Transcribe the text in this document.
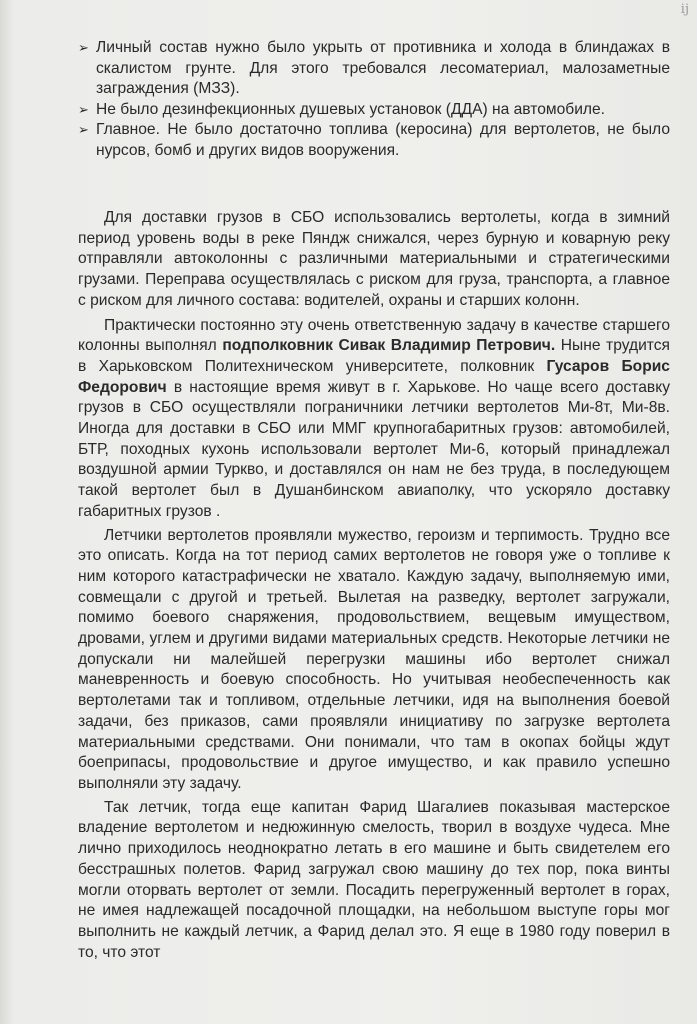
ij
➢ Личный состав нужно было укрыть от противника и холода в блиндажах в скалистом грунте. Для этого требовался лесоматериал, малозаметные заграждения (МЗЗ).
➢ Не было дезинфекционных душевых установок (ДДА) на автомобиле.
➢ Главное. Не было достаточно топлива (керосина) для вертолетов, не было нурсов, бомб и других видов вооружения.

Для доставки грузов в СБО использовались вертолеты, когда в зимний период уровень воды в реке Пяндж снижался, через бурную и коварную реку отправляли автоколонны с различными материальными и стратегическими грузами. Переправа осуществлялась с риском для груза, транспорта, а главное с риском для личного состава: водителей, охраны и старших колонн.

Практически постоянно эту очень ответственную задачу в качестве старшего колонны выполнял подполковник Сивак Владимир Петрович. Ныне трудится в Харьковском Политехническом университете, полковник Гусаров Борис Федорович в настоящие время живут в г. Харькове. Но чаще всего доставку грузов в СБО осуществляли пограничники летчики вертолетов Ми-8т, Ми-8в. Иногда для доставки в СБО или ММГ крупногабаритных грузов: автомобилей, БТР, походных кухонь использовали вертолет Ми-6, который принадлежал воздушной армии Туркво, и доставлялся он нам не без труда, в последующем такой вертолет был в Душанбинском авиаполку, что ускоряло доставку габаритных грузов .

Летчики вертолетов проявляли мужество, героизм и терпимость. Трудно все это описать. Когда на тот период самих вертолетов не говоря уже о топливе к ним которого катастрафически не хватало. Каждую задачу, выполняемую ими, совмещали с другой и третьей. Вылетая на разведку, вертолет загружали, помимо боевого снаряжения, продовольствием, вещевым имуществом, дровами, углем и другими видами материальных средств. Некоторые летчики не допускали ни малейшей перегрузки машины ибо вертолет снижал маневренность и боевую способность. Но учитывая необеспеченность как вертолетами так и топливом, отдельные летчики, идя на выполнения боевой задачи, без приказов, сами проявляли инициативу по загрузке вертолета материальными средствами. Они понимали, что там в окопах бойцы ждут боеприпасы, продовольствие и другое имущество, и как правило успешно выполняли эту задачу.

Так летчик, тогда еще капитан Фарид Шагалиев показывая мастерское владение вертолетом и недюжинную смелость, творил в воздухе чудеса. Мне лично приходилось неоднократно летать в его машине и быть свидетелем его бесстрашных полетов. Фарид загружал свою машину до тех пор, пока винты могли оторвать вертолет от земли. Посадить перегруженный вертолет в горах, не имея надлежащей посадочной площадки, на небольшом выступе горы мог выполнить не каждый летчик, а Фарид делал это. Я еще в 1980 году поверил в то, что этот
